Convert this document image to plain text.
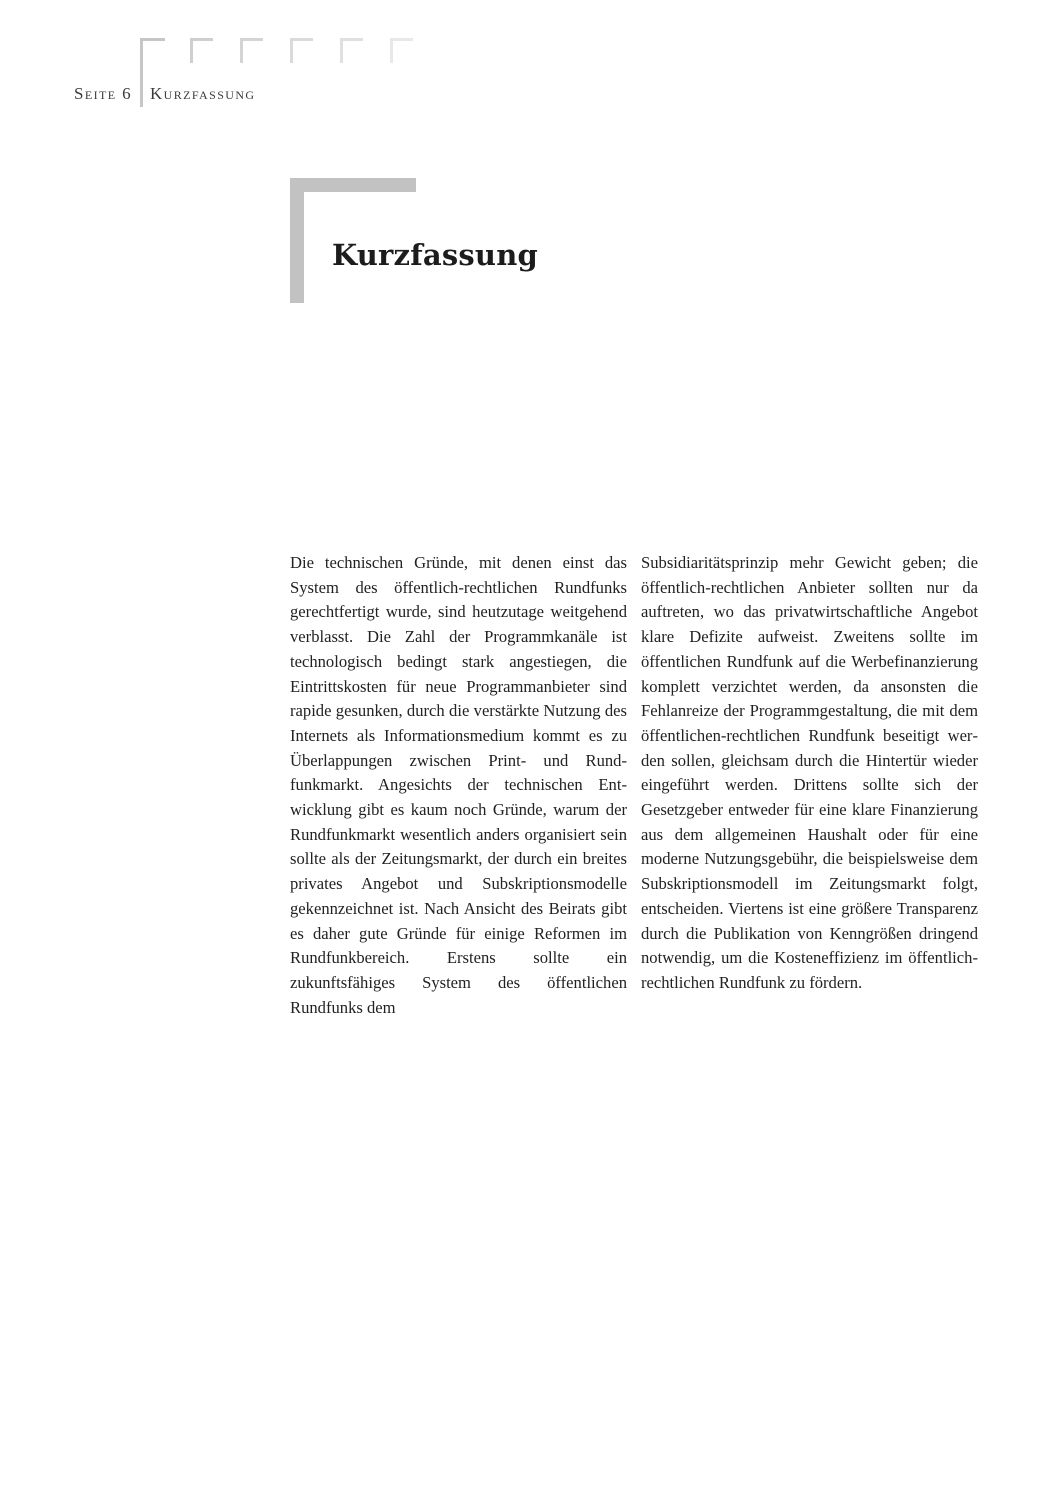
Seite 6 Kurzfassung
Kurzfassung

Die technischen Gründe, mit denen einst das System des öffentlich-rechtlichen Rundfunks gerechtfertigt wurde, sind heutzutage weitgehend verblasst. Die Zahl der Programmkanäle ist technologisch bedingt stark angestiegen, die Eintrittskosten für neue Programmanbieter sind rapide gesunken, durch die verstärkte Nutzung des Internets als Informationsmedium kommt es zu Überlappungen zwischen Print- und Rundfunkmarkt. Angesichts der technischen Entwicklung gibt es kaum noch Gründe, warum der Rundfunkmarkt wesentlich anders organisiert sein sollte als der Zeitungsmarkt, der durch ein breites privates Angebot und Subskriptionsmodelle gekennzeichnet ist. Nach Ansicht des Beirats gibt es daher gute Gründe für einige Reformen im Rundfunkbereich. Erstens sollte ein zukunftsfähiges System des öffentlichen Rundfunks dem

Subsidiaritätsprinzip mehr Gewicht geben; die öffentlich-rechtlichen Anbieter sollten nur da auftreten, wo das privatwirtschaftliche Angebot klare Defizite aufweist. Zweitens sollte im öffentlichen Rundfunk auf die Werbefinanzierung komplett verzichtet werden, da ansonsten die Fehlanreize der Programmgestaltung, die mit dem öffentlichen-rechtlichen Rundfunk beseitigt werden sollen, gleichsam durch die Hintertür wieder eingeführt werden. Drittens sollte sich der Gesetzgeber entweder für eine klare Finanzierung aus dem allgemeinen Haushalt oder für eine moderne Nutzungsgebühr, die beispielsweise dem Subskriptionsmodell im Zeitungsmarkt folgt, entscheiden. Viertens ist eine größere Transparenz durch die Publikation von Kenngrößen dringend notwendig, um die Kosteneffizienz im öffentlich-rechtlichen Rundfunk zu fördern.
